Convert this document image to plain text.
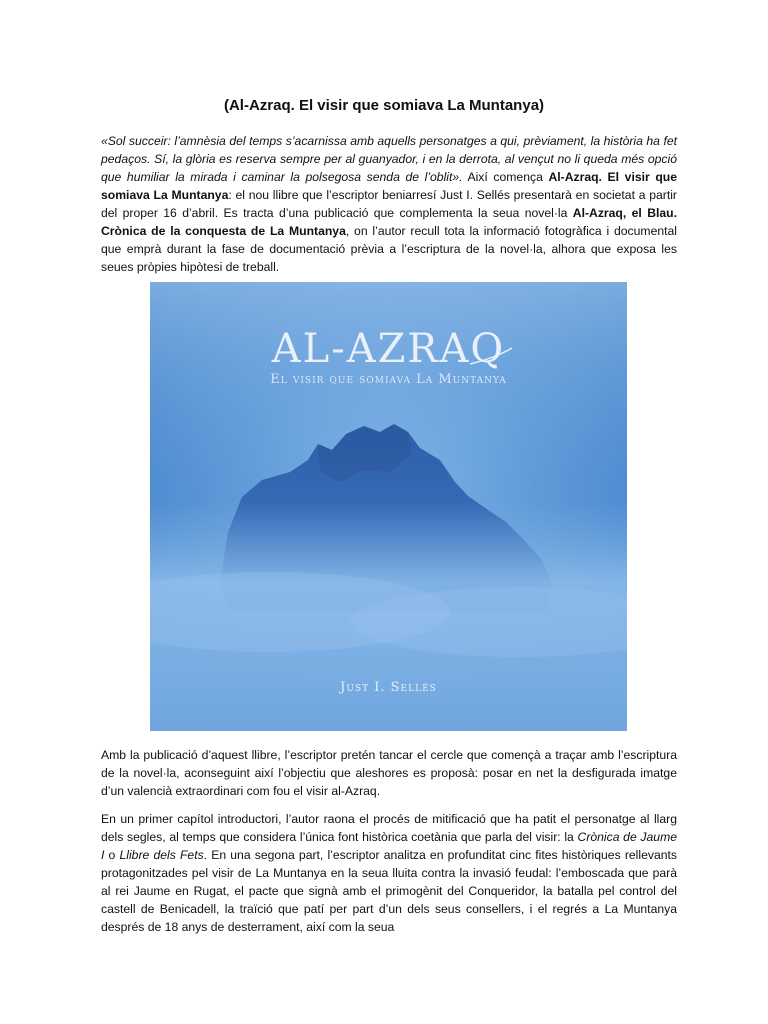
(Al-Azraq. El visir que somiava La Muntanya)

«Sol succeir: l’amnèsia del temps s’acarnissa amb aquells personatges a qui, prèviament, la història ha fet pedaços. Sí, la glòria es reserva sempre per al guanyador, i en la derrota, al vençut no li queda més opció que humiliar la mirada i caminar la polsegosa senda de l’oblit». Així comença Al-Azraq. El visir que somiava La Muntanya: el nou llibre que l’escriptor beniarresí Just I. Sellés presentarà en societat a partir del proper 16 d’abril. Es tracta d’una publicació que complementa la seua novel·la Al-Azraq, el Blau. Crònica de la conquesta de La Muntanya, on l’autor recull tota la informació fotogràfica i documental que emprà durant la fase de documentació prèvia a l’escriptura de la novel·la, alhora que exposa les seues pròpies hipòtesi de treball.

AL-AZRAQ
El visir que somiava La Muntanya
Just I. Sellés

Amb la publicació d’aquest llibre, l’escriptor pretén tancar el cercle que començà a traçar amb l’escriptura de la novel·la, aconseguint així l’objectiu que aleshores es proposà: posar en net la desfigurada imatge d’un valencià extraordinari com fou el visir al-Azraq.

En un primer capítol introductori, l’autor raona el procés de mitificació que ha patit el personatge al llarg dels segles, al temps que considera l’única font històrica coetània que parla del visir: la Crònica de Jaume I o Llibre dels Fets. En una segona part, l’escriptor analitza en profunditat cinc fites històriques rellevants protagonitzades pel visir de La Muntanya en la seua lluita contra la invasió feudal: l’emboscada que parà al rei Jaume en Rugat, el pacte que signà amb el primogènit del Conqueridor, la batalla pel control del castell de Benicadell, la traïció que patí per part d’un dels seus consellers, i el regrés a La Muntanya després de 18 anys de desterrament, així com la seua
